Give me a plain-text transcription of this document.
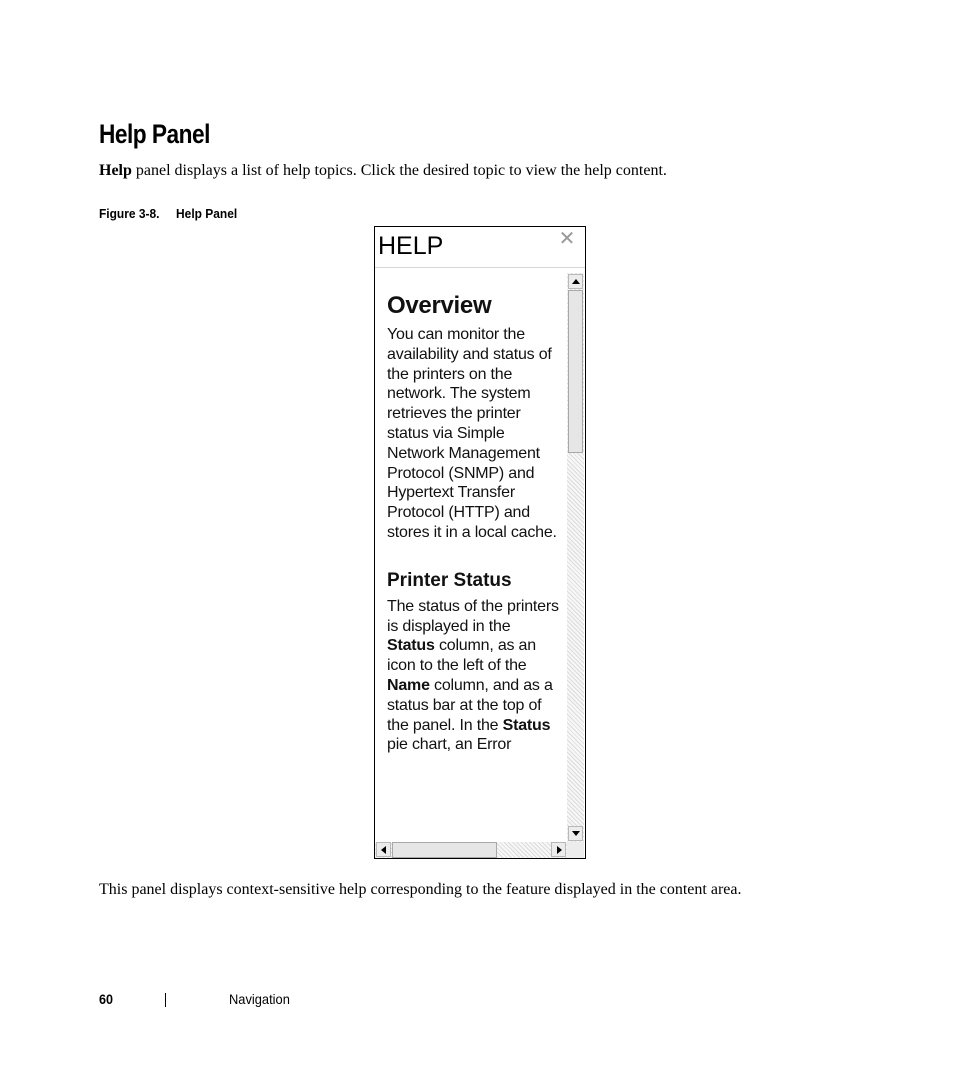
Help Panel

Help panel displays a list of help topics. Click the desired topic to view the help content.

Figure 3-8. Help Panel
HELP	✕
Overview

You can monitor the availability and status of the printers on the network. The system retrieves the printer status via Simple Network Management Protocol (SNMP) and Hypertext Transfer Protocol (HTTP) and stores it in a local cache.

Printer Status

The status of the printers is displayed in the Status column, as an icon to the left of the Name column, and as a status bar at the top of the panel. In the Status pie chart, an Error

This panel displays context-sensitive help corresponding to the feature displayed in the content area.

60	Navigation
